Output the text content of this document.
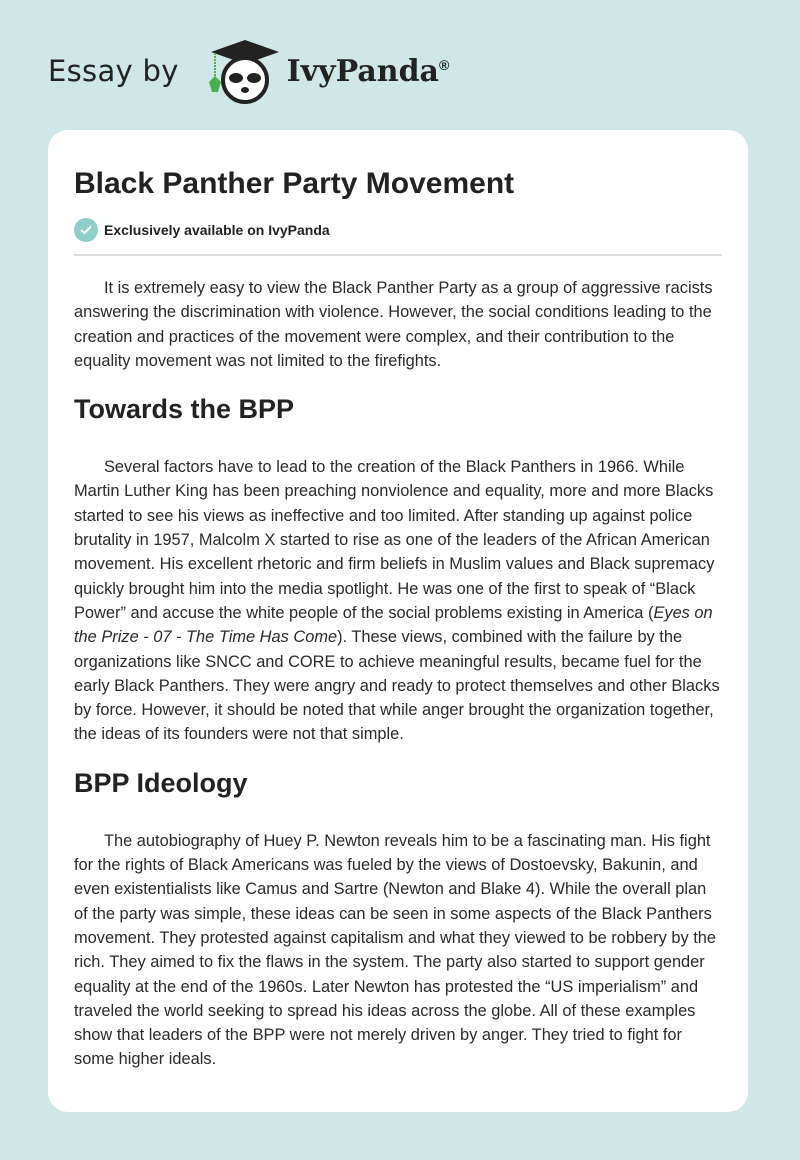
Essay by	IvyPanda®
Black Panther Party Movement
Exclusively available on IvyPanda

It is extremely easy to view the Black Panther Party as a group of aggressive racists answering the discrimination with violence. However, the social conditions leading to the creation and practices of the movement were complex, and their contribution to the equality movement was not limited to the firefights.

Towards the BPP

Several factors have to lead to the creation of the Black Panthers in 1966. While Martin Luther King has been preaching nonviolence and equality, more and more Blacks started to see his views as ineffective and too limited. After standing up against police brutality in 1957, Malcolm X started to rise as one of the leaders of the African American movement. His excellent rhetoric and firm beliefs in Muslim values and Black supremacy quickly brought him into the media spotlight. He was one of the first to speak of “Black Power” and accuse the white people of the social problems existing in America (Eyes on the Prize - 07 - The Time Has Come). These views, combined with the failure by the organizations like SNCC and CORE to achieve meaningful results, became fuel for the early Black Panthers. They were angry and ready to protect themselves and other Blacks by force. However, it should be noted that while anger brought the organization together, the ideas of its founders were not that simple.

BPP Ideology

The autobiography of Huey P. Newton reveals him to be a fascinating man. His fight for the rights of Black Americans was fueled by the views of Dostoevsky, Bakunin, and even existentialists like Camus and Sartre (Newton and Blake 4). While the overall plan of the party was simple, these ideas can be seen in some aspects of the Black Panthers movement. They protested against capitalism and what they viewed to be robbery by the rich. They aimed to fix the flaws in the system. The party also started to support gender equality at the end of the 1960s. Later Newton has protested the “US imperialism” and traveled the world seeking to spread his ideas across the globe. All of these examples show that leaders of the BPP were not merely driven by anger. They tried to fight for some higher ideals.
